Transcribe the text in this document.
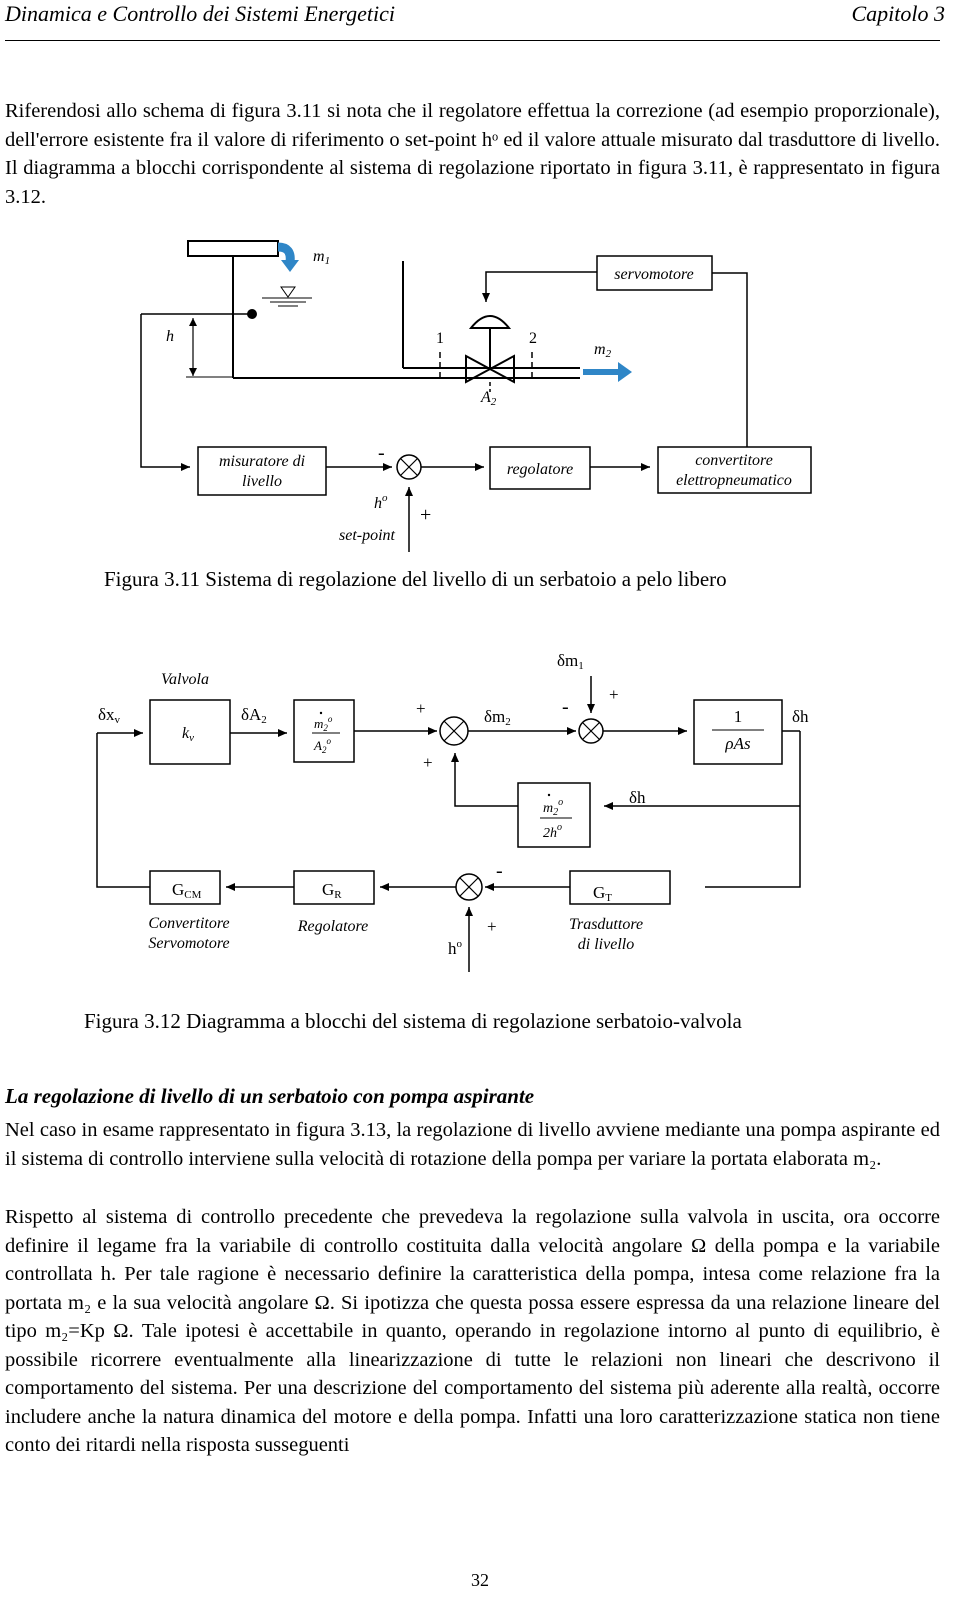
Dinamica e Controllo dei Sistemi Energetici	Capitolo 3

Riferendosi allo schema di figura 3.11 si nota che il regolatore effettua la correzione (ad esempio proporzionale), dell'errore esistente fra il valore di riferimento o set-point hᵒ ed il valore attuale misurato dal trasduttore di livello. Il diagramma a blocchi corrispondente al sistema di regolazione riportato in figura 3.11, è rappresentato in figura 3.12.

m1
servomotore
h
m2
A2
misuratore di
livello
regolatore
convertitore
elettropneumatico
$h^o$
set-point
1	2
-
+
Figura 3.11 Sistema di regolazione del livello di un serbatoio a pelo libero
δm1
δxv	δA2
+
+
δm2
-
+
1
ρAs
δh
δh
GCM	GR	GT
-
+
$h^o$
Valvola
kv
$m_2^o$
$A_2^o$
$m_2^o$
$2h^o$
Convertitore
Servomotore
Regolatore	Trasduttore
di livello
Figura 3.12 Diagramma a blocchi del sistema di regolazione serbatoio-valvola
La regolazione di livello di un serbatoio con pompa aspirante

Nel caso in esame rappresentato in figura 3.13, la regolazione di livello avviene mediante una pompa aspirante ed il sistema di controllo interviene sulla velocità di rotazione della pompa per variare la portata elaborata m₂.

Rispetto al sistema di controllo precedente che prevedeva la regolazione sulla valvola in uscita, ora occorre definire il legame fra la variabile di controllo costituita dalla velocità angolare Ω della pompa e la variabile controllata h. Per tale ragione è necessario definire la caratteristica della pompa, intesa come relazione fra la portata m₂ e la sua velocità angolare Ω. Si ipotizza che questa possa essere espressa da una relazione lineare del tipo m₂=Kp Ω. Tale ipotesi è accettabile in quanto, operando in regolazione intorno al punto di equilibrio, è possibile ricorrere eventualmente alla linearizzazione di tutte le relazioni non lineari che descrivono il comportamento del sistema. Per una descrizione del comportamento del sistema più aderente alla realtà, occorre includere anche la natura dinamica del motore e della pompa. Infatti una loro caratterizzazione statica non tiene conto dei ritardi nella risposta susseguenti

32
